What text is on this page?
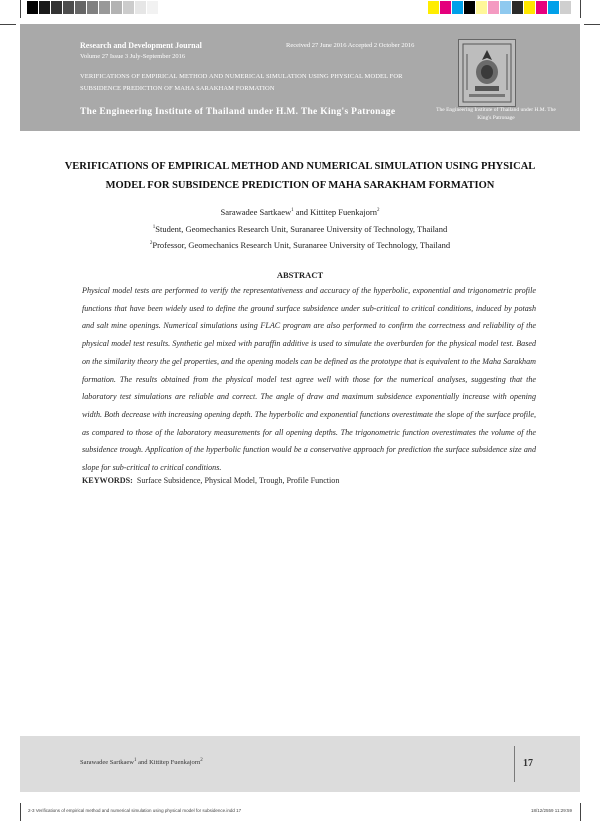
Research and Development Journal
Volume 27 Issue 3 July-September 2016
Received 27 June 2016 Accepted 2 October 2016
VERIFICATIONS OF EMPIRICAL METHOD AND NUMERICAL SIMULATION USING PHYSICAL MODEL FOR SUBSIDENCE PREDICTION OF MAHA SARAKHAM FORMATION
The Engineering Institute of Thailand under H.M. The King's Patronage	The Engineering Institute of Thailand under H.M. The King's Patronage
VERIFICATIONS OF EMPIRICAL METHOD AND NUMERICAL SIMULATION USING PHYSICAL MODEL FOR SUBSIDENCE PREDICTION OF MAHA SARAKHAM FORMATION
Sarawadee Sartkaew$^1$ and Kittitep Fuenkajorn$^2$
$^1$Student, Geomechanics Research Unit, Suranaree University of Technology, Thailand
$^2$Professor, Geomechanics Research Unit, Suranaree University of Technology, Thailand
ABSTRACT

Physical model tests are performed to verify the representativeness and accuracy of the hyperbolic, exponential and trigonometric profile functions that have been widely used to define the ground surface subsidence under sub-critical to critical conditions, induced by potash and salt mine openings. Numerical simulations using FLAC program are also performed to confirm the correctness and reliability of the physical model test results. Synthetic gel mixed with paraffin additive is used to simulate the overburden for the physical model test. Based on the similarity theory the gel properties, and the opening models can be defined as the prototype that is equivalent to the Maha Sarakham formation. The results obtained from the physical model test agree well with those for the numerical analyses, suggesting that the laboratory test simulations are reliable and correct. The angle of draw and maximum subsidence exponentially increase with opening width. Both decrease with increasing opening depth. The hyperbolic and exponential functions overestimate the slope of the surface profile, as compared to those of the laboratory measurements for all opening depths. The trigonometric function overestimates the volume of the subsidence trough. Application of the hyperbolic function would be a conservative approach for prediction the surface subsidence size and slope for sub-critical to critical conditions.

KEYWORDS: Surface Subsidence, Physical Model, Trough, Profile Function
Sarawadee Sartkaew$^1$ and Kittitep Fuenkajorn$^2$	17
2-3 Verifications of empirical method and numerical simulation using physical model for subsidence.indd 17	18/12/2559 11:29:59
